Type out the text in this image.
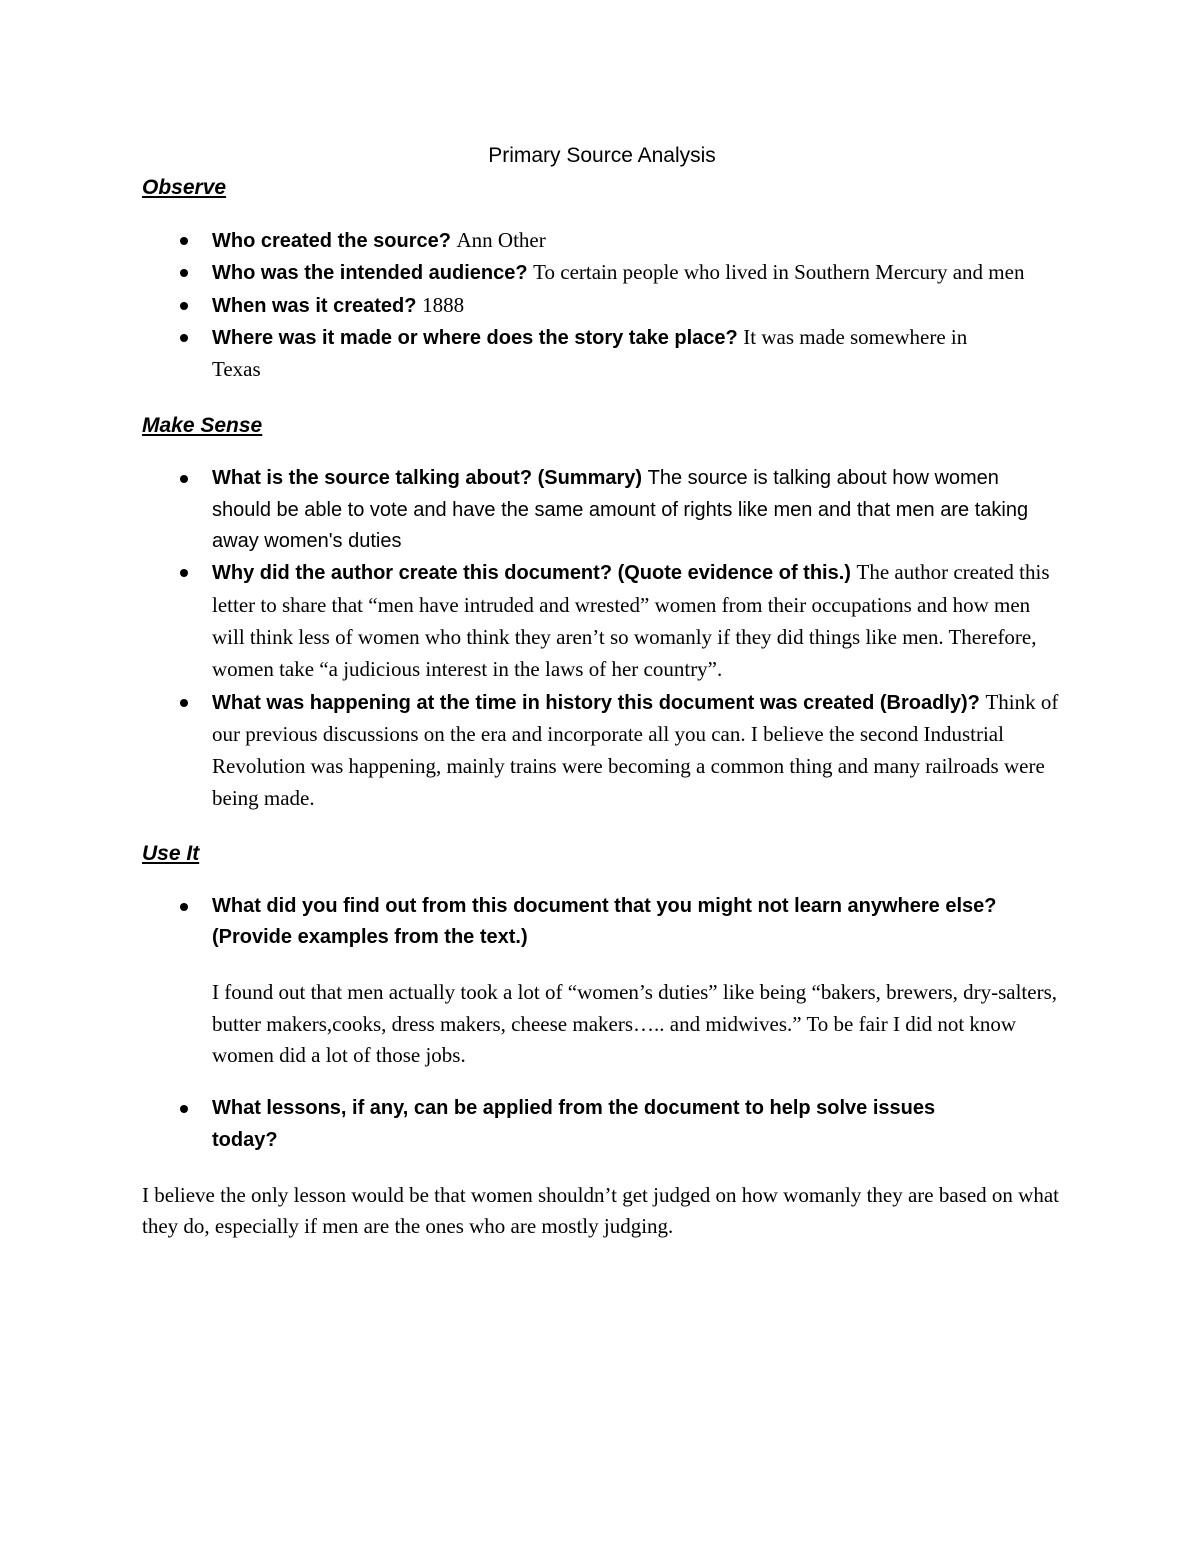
Primary Source Analysis
Observe
Who created the source? Ann Other
Who was the intended audience? To certain people who lived in Southern Mercury and men
When was it created? 1888
Where was it made or where does the story take place? It was made somewhere in Texas
Make Sense
What is the source talking about? (Summary) The source is talking about how women should be able to vote and have the same amount of rights like men and that men are taking away women's duties
Why did the author create this document? (Quote evidence of this.) The author created this letter to share that “men have intruded and wrested” women from their occupations and how men will think less of women who think they aren’t so womanly if they did things like men. Therefore, women take “a judicious interest in the laws of her country”.
What was happening at the time in history this document was created (Broadly)? Think of our previous discussions on the era and incorporate all you can. I believe the second Industrial Revolution was happening, mainly trains were becoming a common thing and many railroads were being made.
Use It
What did you find out from this document that you might not learn anywhere else? (Provide examples from the text.)

I found out that men actually took a lot of “women’s duties” like being “bakers, brewers, dry-salters, butter makers,cooks, dress makers, cheese makers….. and midwives.” To be fair I did not know women did a lot of those jobs.

What lessons, if any, can be applied from the document to help solve issues today?

I believe the only lesson would be that women shouldn’t get judged on how womanly they are based on what they do, especially if men are the ones who are mostly judging.
